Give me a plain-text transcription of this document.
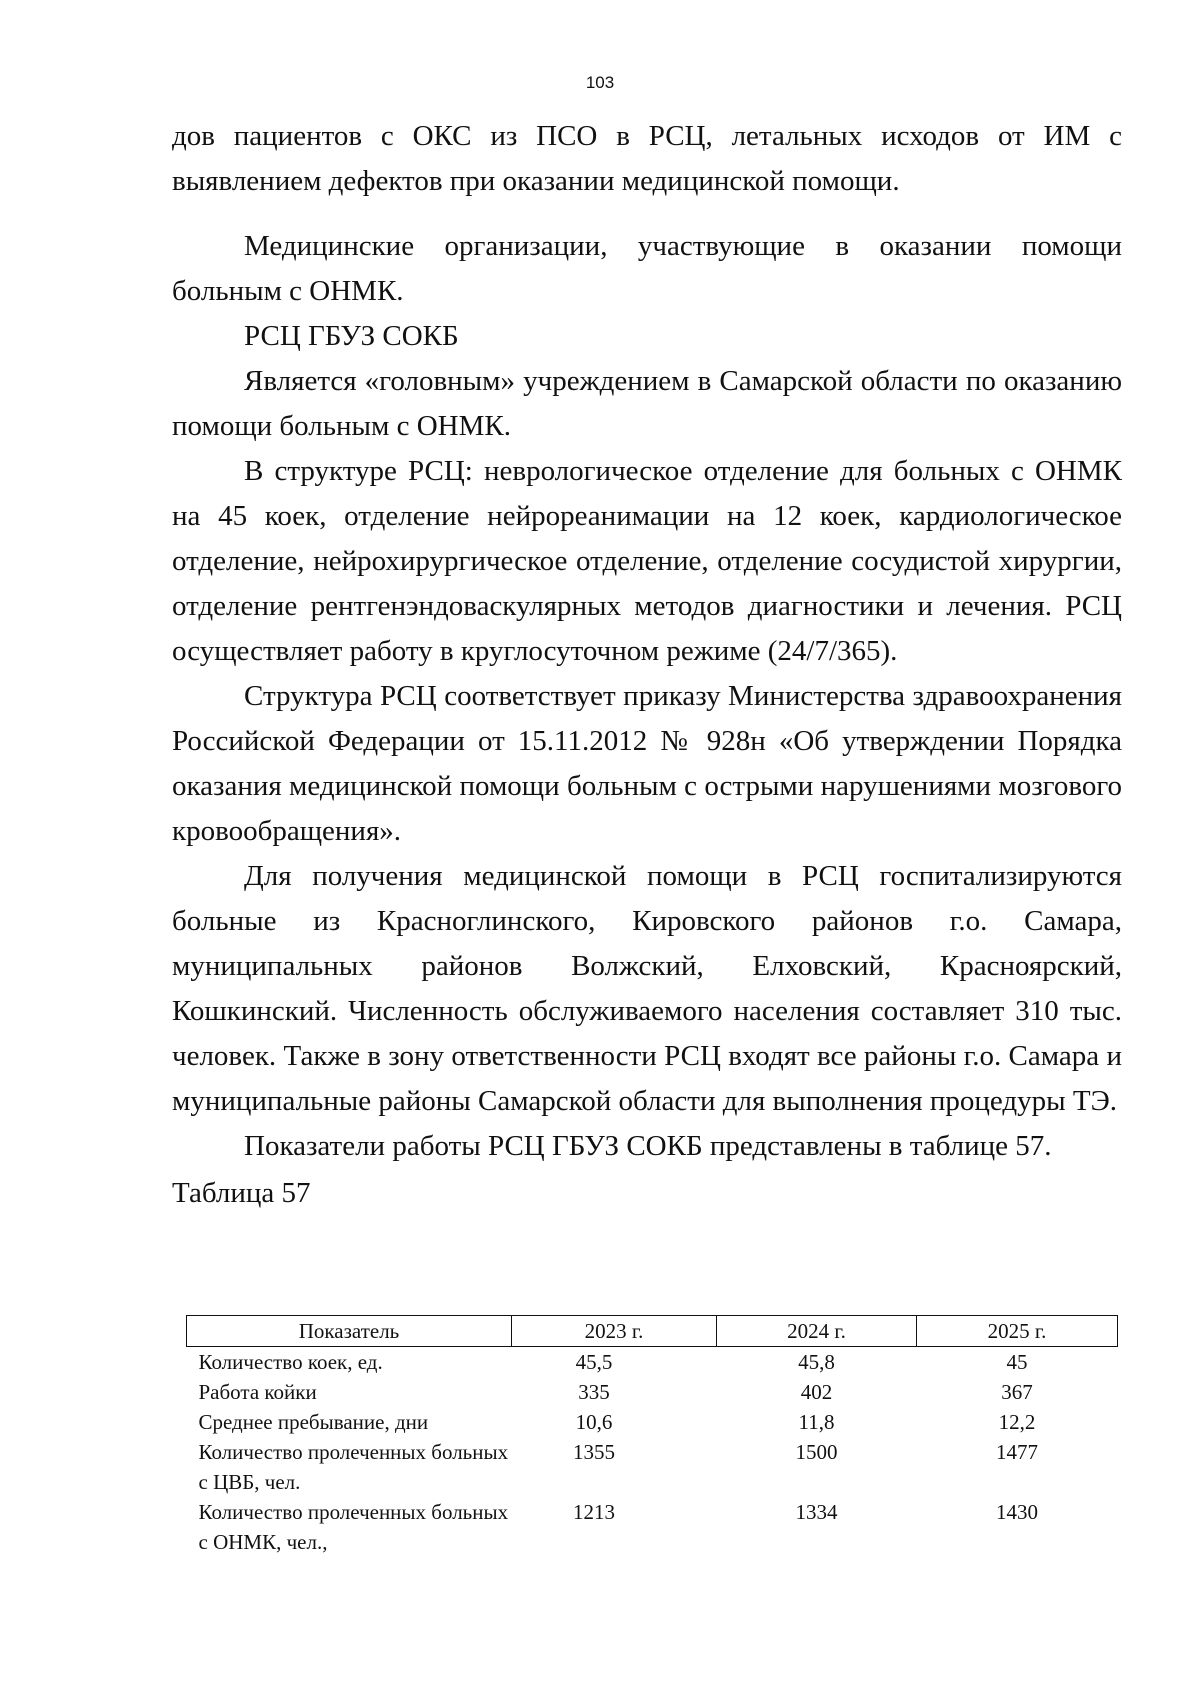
103

дов пациентов с ОКС из ПСО в РСЦ, летальных исходов от ИМ с выявлением дефектов при оказании медицинской помощи.

Медицинские организации, участвующие в оказании помощи больным с ОНМК.

РСЦ ГБУЗ СОКБ

Является «головным» учреждением в Самарской области по оказанию помощи больным с ОНМК.

В структуре РСЦ: неврологическое отделение для больных с ОНМК на 45 коек, отделение нейрореанимации на 12 коек, кардиологическое отделение, нейрохирургическое отделение, отделение сосудистой хирургии, отделение рентгенэндоваскулярных методов диагностики и лечения. РСЦ осуществляет работу в круглосуточном режиме (24/7/365).

Структура РСЦ соответствует приказу Министерства здравоохранения Российской Федерации от 15.11.2012 № 928н «Об утверждении Порядка оказания медицинской помощи больным с острыми нарушениями мозгового кровообращения».

Для получения медицинской помощи в РСЦ госпитализируются больные из Красноглинского, Кировского районов г.о. Самара, муниципальных районов Волжский, Елховский, Красноярский, Кошкинский. Численность обслуживаемого населения составляет 310 тыс. человек. Также в зону ответственности РСЦ входят все районы г.о. Самара и муниципальные районы Самарской области для выполнения процедуры ТЭ.

Показатели работы РСЦ ГБУЗ СОКБ представлены в таблице 57.

Таблица 57

Показатель	2023 г.	2024 г.	2025 г.
Количество коек, ед.	45,5	45,8	45
Работа койки	335	402	367
Среднее пребывание, дни	10,6	11,8	12,2
Количество пролеченных больных с ЦВБ, чел.	1355	1500	1477
Количество пролеченных больных с ОНМК, чел.,	1213	1334	1430
